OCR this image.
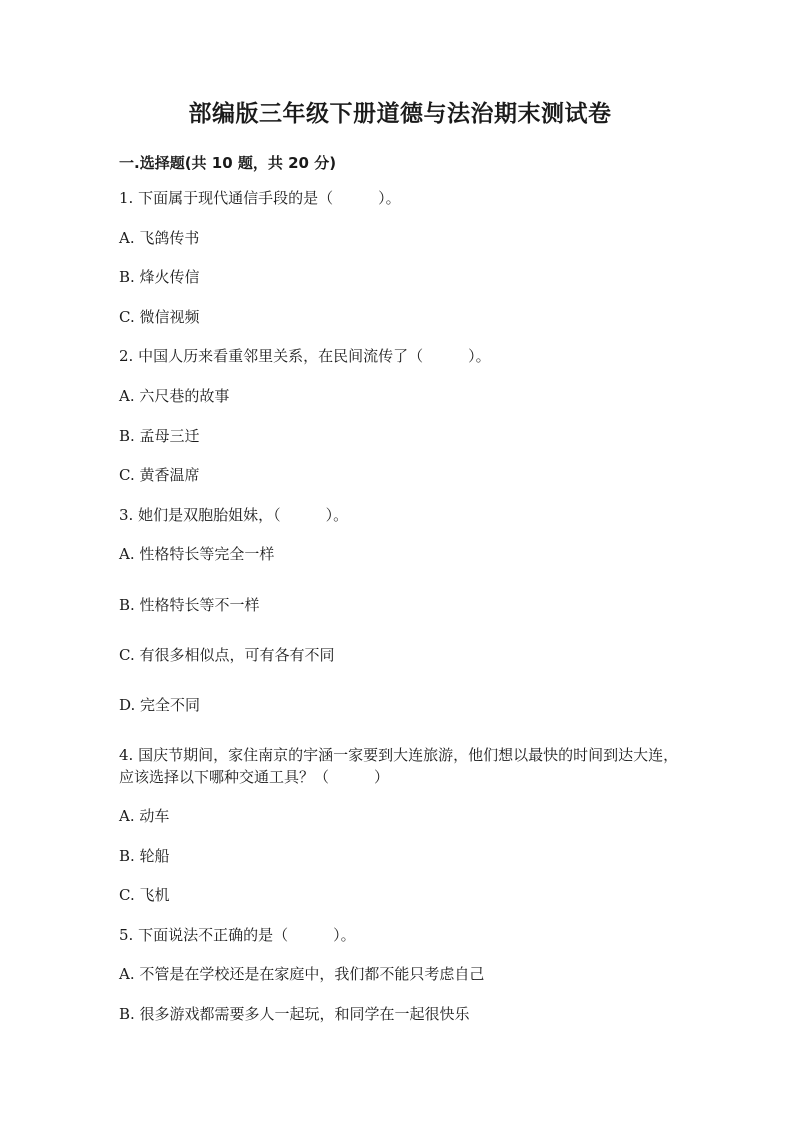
部编版三年级下册道德与法治期末测试卷
一.选择题(共 10 题，共 20 分)
1. 下面属于现代通信手段的是（　　　）。
A. 飞鸽传书
B. 烽火传信
C. 微信视频
2. 中国人历来看重邻里关系，在民间流传了（　　　）。
A. 六尺巷的故事
B. 孟母三迁
C. 黄香温席
3. 她们是双胞胎姐妹，（　　　）。
A. 性格特长等完全一样
B. 性格特长等不一样
C. 有很多相似点，可有各有不同
D. 完全不同
4. 国庆节期间，家住南京的宇涵一家要到大连旅游，他们想以最快的时间到达大连，应该选择以下哪种交通工具？（　　　）
A. 动车
B. 轮船
C. 飞机
5. 下面说法不正确的是（　　　）。
A. 不管是在学校还是在家庭中，我们都不能只考虑自己
B. 很多游戏都需要多人一起玩，和同学在一起很快乐
